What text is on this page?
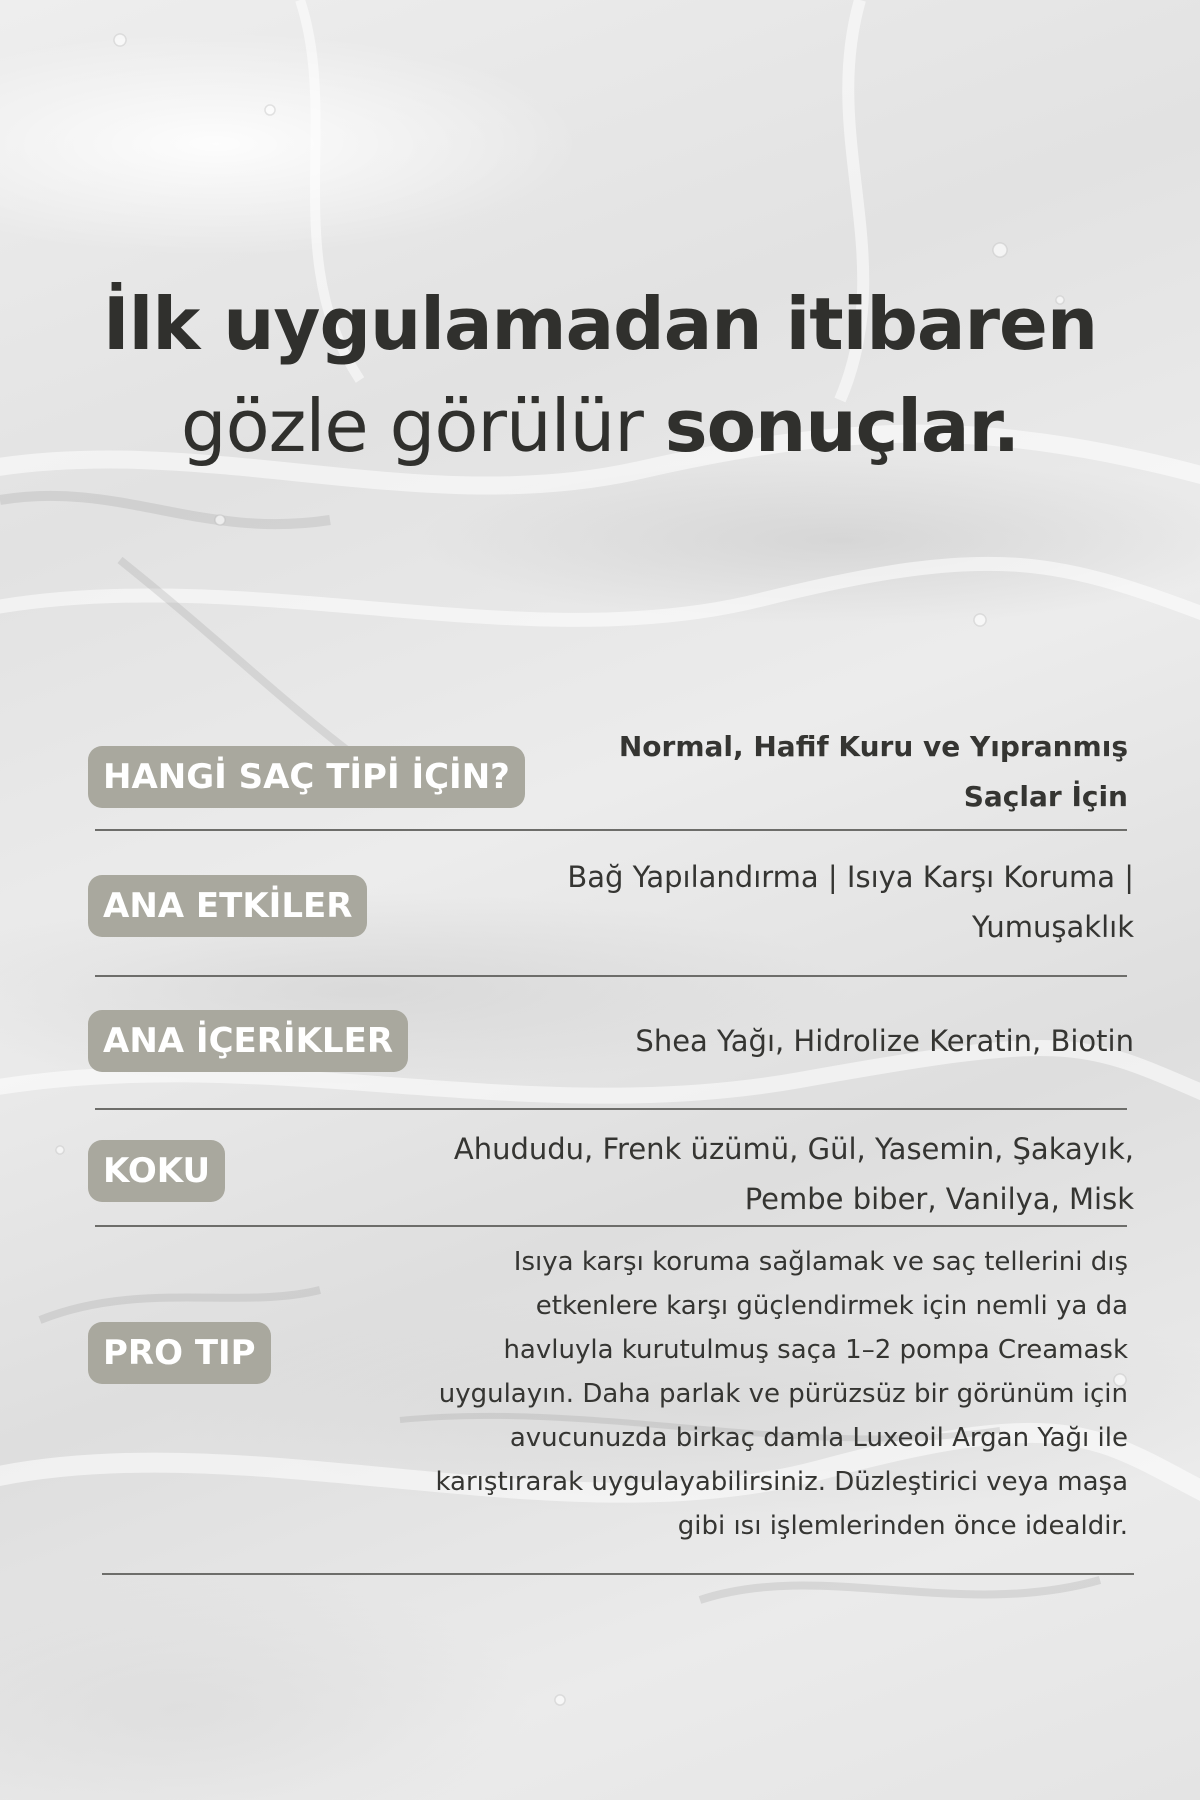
İlk uygulamadan itibaren
gözle görülür sonuçlar.
HANGİ SAÇ TİPİ İÇİN?
Normal, Hafif Kuru ve Yıpranmış
Saçlar İçin
ANA ETKİLER
Bağ Yapılandırma | Isıya Karşı Koruma |
Yumuşaklık
ANA İÇERİKLER	Shea Yağı, Hidrolize Keratin, Biotin
KOKU
Ahududu, Frenk üzümü, Gül, Yasemin, Şakayık,
Pembe biber, Vanilya, Misk
PRO TIP
Isıya karşı koruma sağlamak ve saç tellerini dış
etkenlere karşı güçlendirmek için nemli ya da
havluyla kurutulmuş saça 1–2 pompa Creamask
uygulayın. Daha parlak ve pürüzsüz bir görünüm için
avucunuzda birkaç damla Luxeoil Argan Yağı ile
karıştırarak uygulayabilirsiniz. Düzleştirici veya maşa
gibi ısı işlemlerinden önce idealdir.
